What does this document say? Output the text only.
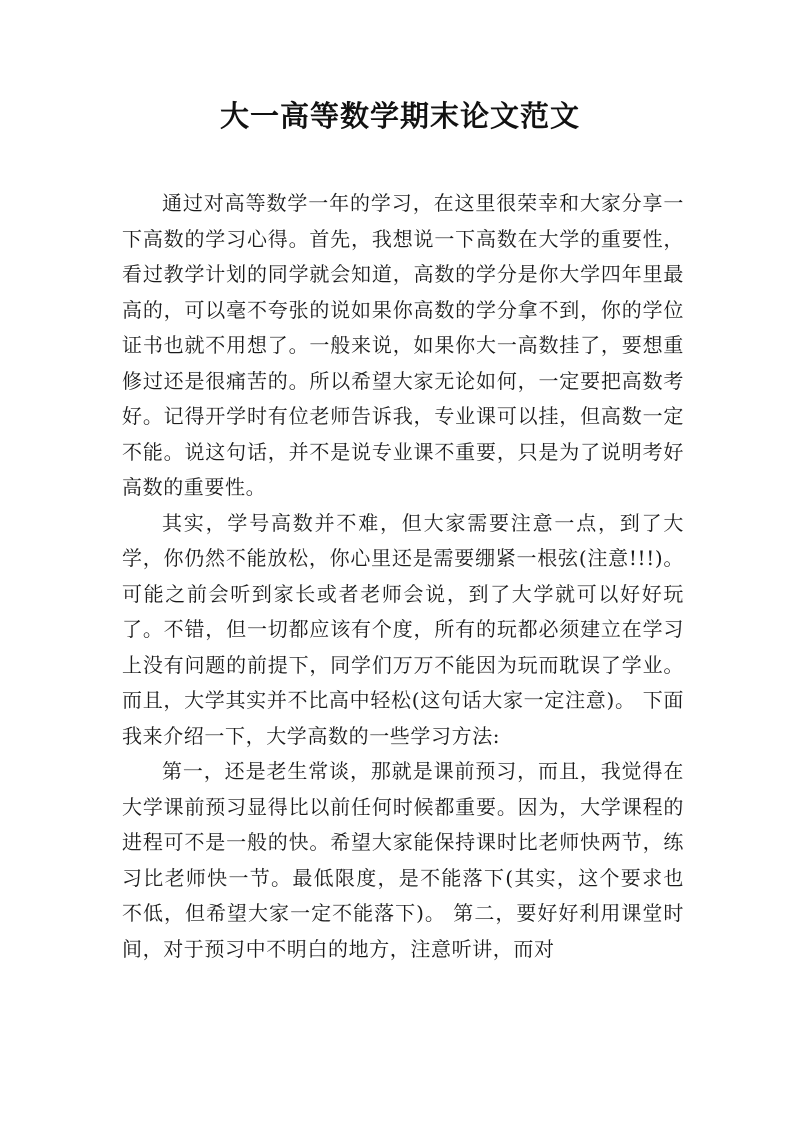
大一高等数学期末论文范文

通过对高等数学一年的学习，在这里很荣幸和大家分享一下高数的学习心得。首先，我想说一下高数在大学的重要性，看过教学计划的同学就会知道，高数的学分是你大学四年里最高的，可以毫不夸张的说如果你高数的学分拿不到，你的学位证书也就不用想了。一般来说，如果你大一高数挂了，要想重修过还是很痛苦的。所以希望大家无论如何，一定要把高数考好。记得开学时有位老师告诉我，专业课可以挂，但高数一定不能。说这句话，并不是说专业课不重要，只是为了说明考好高数的重要性。

其实，学号高数并不难，但大家需要注意一点，到了大学，你仍然不能放松，你心里还是需要绷紧一根弦(注意!!!)。可能之前会听到家长或者老师会说，到了大学就可以好好玩了。不错，但一切都应该有个度，所有的玩都必须建立在学习上没有问题的前提下，同学们万万不能因为玩而耽误了学业。而且，大学其实并不比高中轻松(这句话大家一定注意)。 下面我来介绍一下，大学高数的一些学习方法:

第一，还是老生常谈，那就是课前预习，而且，我觉得在大学课前预习显得比以前任何时候都重要。因为，大学课程的进程可不是一般的快。希望大家能保持课时比老师快两节，练习比老师快一节。最低限度，是不能落下(其实，这个要求也不低，但希望大家一定不能落下)。 第二，要好好利用课堂时间，对于预习中不明白的地方，注意听讲，而对
